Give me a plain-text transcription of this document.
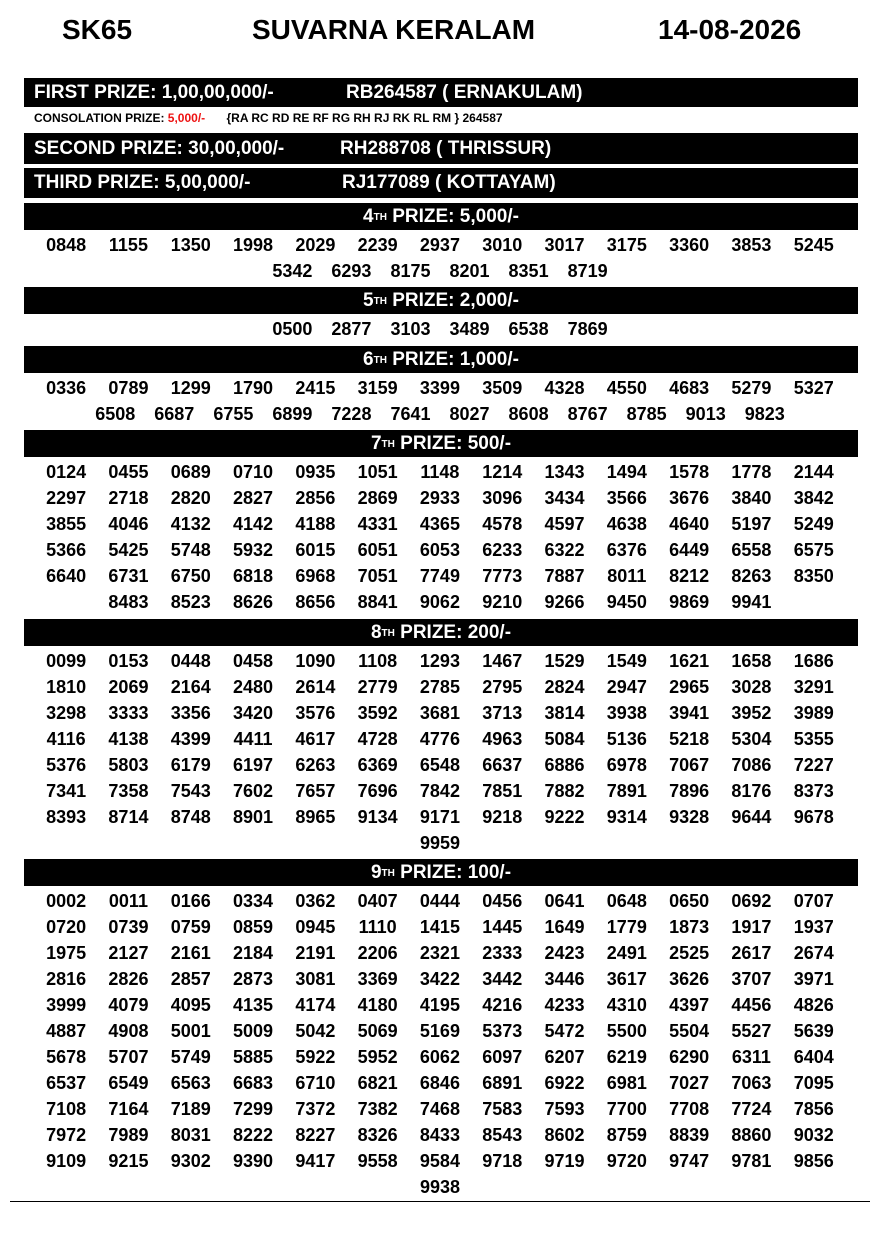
SK65	SUVARNA KERALAM	14-08-2026
FIRST PRIZE: 1,00,00,000/-	RB264587 ( ERNAKULAM)
CONSOLATION PRIZE: 5,000/- {RA RC RD RE RF RG RH RJ RK RL RM } 264587
SECOND PRIZE: 30,00,000/-	RH288708 ( THRISSUR)
THIRD PRIZE: 5,00,000/-	RJ177089 ( KOTTAYAM)
4TH PRIZE: 5,000/-
0848	1155	1350	1998	2029	2239	2937	3010	3017	3175	3360	3853	5245
5342 6293 8175 8201 8351 8719
5TH PRIZE: 2,000/-
0500 2877 3103 3489 6538 7869
6TH PRIZE: 1,000/-
0336	0789	1299	1790	2415	3159	3399	3509	4328	4550	4683	5279	5327
6508 6687 6755 6899 7228 7641 8027 8608 8767 8785 9013 9823
7TH PRIZE: 500/-
0124	0455	0689	0710	0935	1051	1148	1214	1343	1494	1578	1778	2144
2297	2718	2820	2827	2856	2869	2933	3096	3434	3566	3676	3840	3842
3855	4046	4132	4142	4188	4331	4365	4578	4597	4638	4640	5197	5249
5366	5425	5748	5932	6015	6051	6053	6233	6322	6376	6449	6558	6575
6640	6731	6750	6818	6968	7051	7749	7773	7887	8011	8212	8263	8350
8483	8523	8626	8656	8841	9062	9210	9266	9450	9869	9941
8TH PRIZE: 200/-
0099	0153	0448	0458	1090	1108	1293	1467	1529	1549	1621	1658	1686
1810	2069	2164	2480	2614	2779	2785	2795	2824	2947	2965	3028	3291
3298	3333	3356	3420	3576	3592	3681	3713	3814	3938	3941	3952	3989
4116	4138	4399	4411	4617	4728	4776	4963	5084	5136	5218	5304	5355
5376	5803	6179	6197	6263	6369	6548	6637	6886	6978	7067	7086	7227
7341	7358	7543	7602	7657	7696	7842	7851	7882	7891	7896	8176	8373
8393	8714	8748	8901	8965	9134	9171	9218	9222	9314	9328	9644	9678
9959
9TH PRIZE: 100/-
0002	0011	0166	0334	0362	0407	0444	0456	0641	0648	0650	0692	0707
0720	0739	0759	0859	0945	1110	1415	1445	1649	1779	1873	1917	1937
1975	2127	2161	2184	2191	2206	2321	2333	2423	2491	2525	2617	2674
2816	2826	2857	2873	3081	3369	3422	3442	3446	3617	3626	3707	3971
3999	4079	4095	4135	4174	4180	4195	4216	4233	4310	4397	4456	4826
4887	4908	5001	5009	5042	5069	5169	5373	5472	5500	5504	5527	5639
5678	5707	5749	5885	5922	5952	6062	6097	6207	6219	6290	6311	6404
6537	6549	6563	6683	6710	6821	6846	6891	6922	6981	7027	7063	7095
7108	7164	7189	7299	7372	7382	7468	7583	7593	7700	7708	7724	7856
7972	7989	8031	8222	8227	8326	8433	8543	8602	8759	8839	8860	9032
9109	9215	9302	9390	9417	9558	9584	9718	9719	9720	9747	9781	9856
9938
